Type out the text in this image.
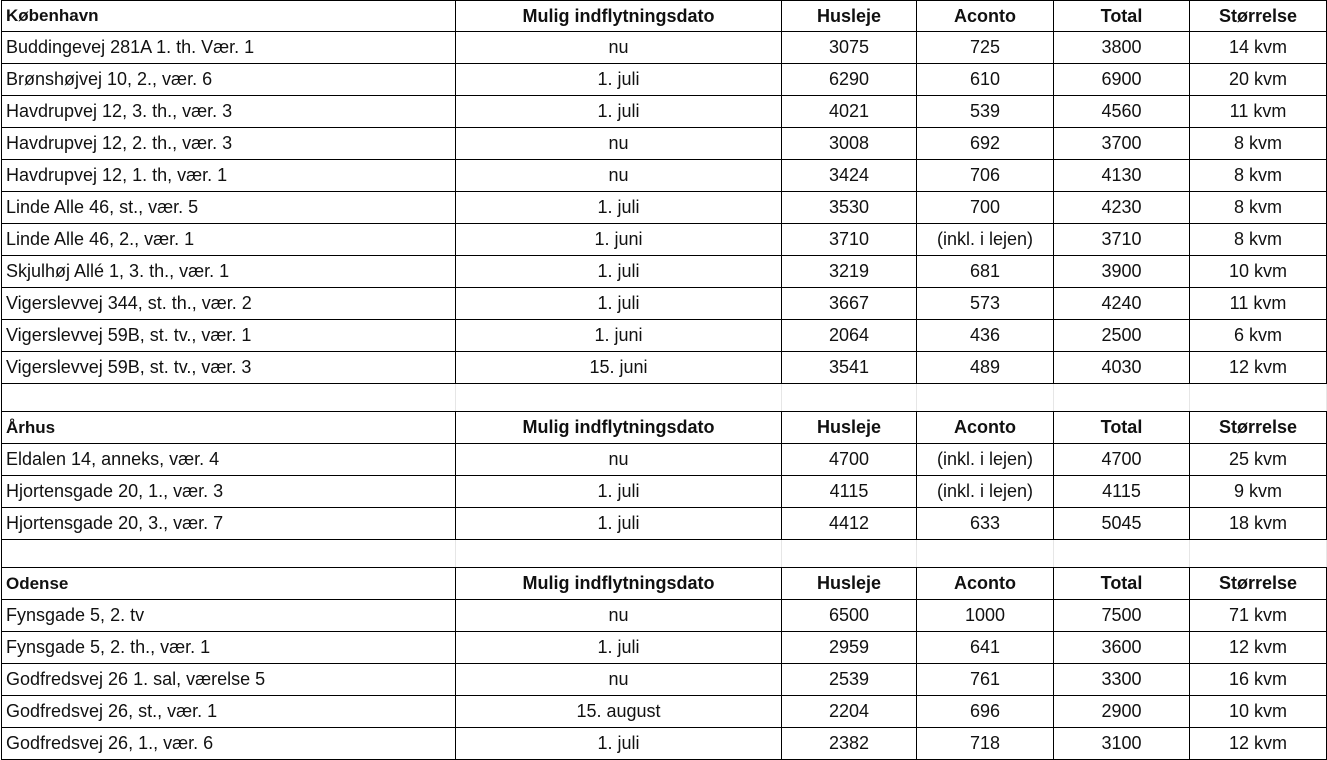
København	Mulig indflytningsdato	Husleje	Aconto	Total	Størrelse
Buddingevej 281A 1. th. Vær. 1	nu	3075	725	3800	14 kvm
Brønshøjvej 10, 2., vær. 6	1. juli	6290	610	6900	20 kvm
Havdrupvej 12, 3. th., vær. 3	1. juli	4021	539	4560	11 kvm
Havdrupvej 12, 2. th., vær. 3	nu	3008	692	3700	8 kvm
Havdrupvej 12, 1. th, vær. 1	nu	3424	706	4130	8 kvm
Linde Alle 46, st., vær. 5	1. juli	3530	700	4230	8 kvm
Linde Alle 46, 2., vær. 1	1. juni	3710	(inkl. i lejen)	3710	8 kvm
Skjulhøj Allé 1, 3. th., vær. 1	1. juli	3219	681	3900	10 kvm
Vigerslevvej 344, st. th., vær. 2	1. juli	3667	573	4240	11 kvm
Vigerslevvej 59B, st. tv., vær. 1	1. juni	2064	436	2500	6 kvm
Vigerslevvej 59B, st. tv., vær. 3	15. juni	3541	489	4030	12 kvm

Århus	Mulig indflytningsdato	Husleje	Aconto	Total	Størrelse
Eldalen 14, anneks, vær. 4	nu	4700	(inkl. i lejen)	4700	25 kvm
Hjortensgade 20, 1., vær. 3	1. juli	4115	(inkl. i lejen)	4115	9 kvm
Hjortensgade 20, 3., vær. 7	1. juli	4412	633	5045	18 kvm

Odense	Mulig indflytningsdato	Husleje	Aconto	Total	Størrelse
Fynsgade 5, 2. tv	nu	6500	1000	7500	71 kvm
Fynsgade 5, 2. th., vær. 1	1. juli	2959	641	3600	12 kvm
Godfredsvej 26 1. sal, værelse 5	nu	2539	761	3300	16 kvm
Godfredsvej 26, st., vær. 1	15. august	2204	696	2900	10 kvm
Godfredsvej 26, 1., vær. 6	1. juli	2382	718	3100	12 kvm
